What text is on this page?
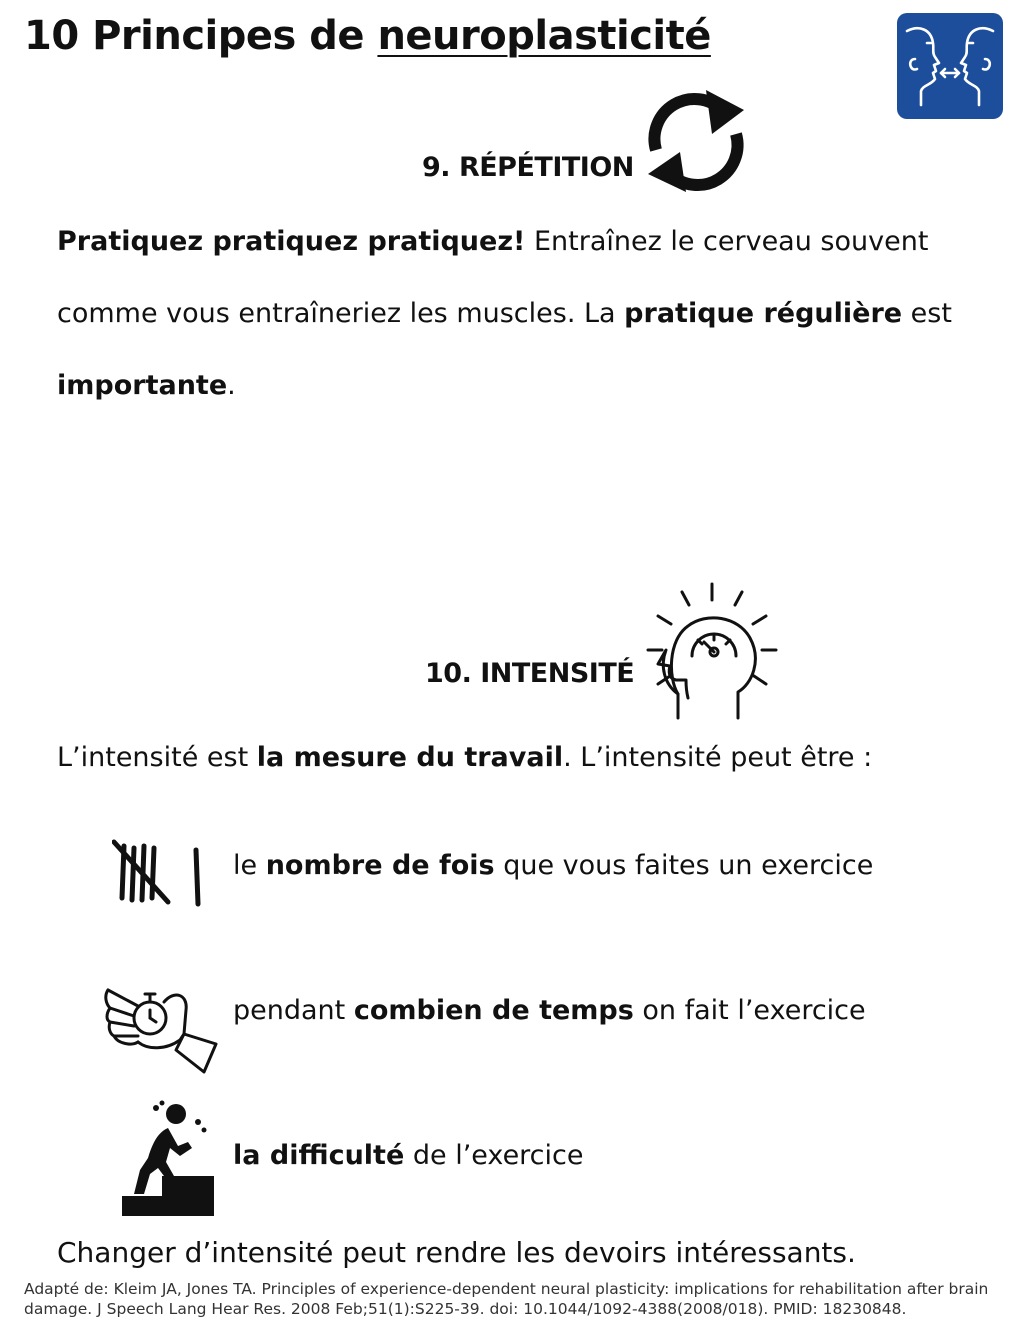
10 Principes de neuroplasticité
9. RÉPÉTITION

Pratiquez pratiquez pratiquez! Entraînez le cerveau souvent comme vous entraîneriez les muscles. La pratique régulière est importante.

10. INTENSITÉ

L’intensité est la mesure du travail. L’intensité peut être :

le nombre de fois que vous faites un exercice

pendant combien de temps on fait l’exercice

la difficulté de l’exercice

Changer d’intensité peut rendre les devoirs intéressants.

Adapté de: Kleim JA, Jones TA. Principles of experience-dependent neural plasticity: implications for rehabilitation after brain damage. J Speech Lang Hear Res. 2008 Feb;51(1):S225-39. doi: 10.1044/1092-4388(2008/018). PMID: 18230848.
